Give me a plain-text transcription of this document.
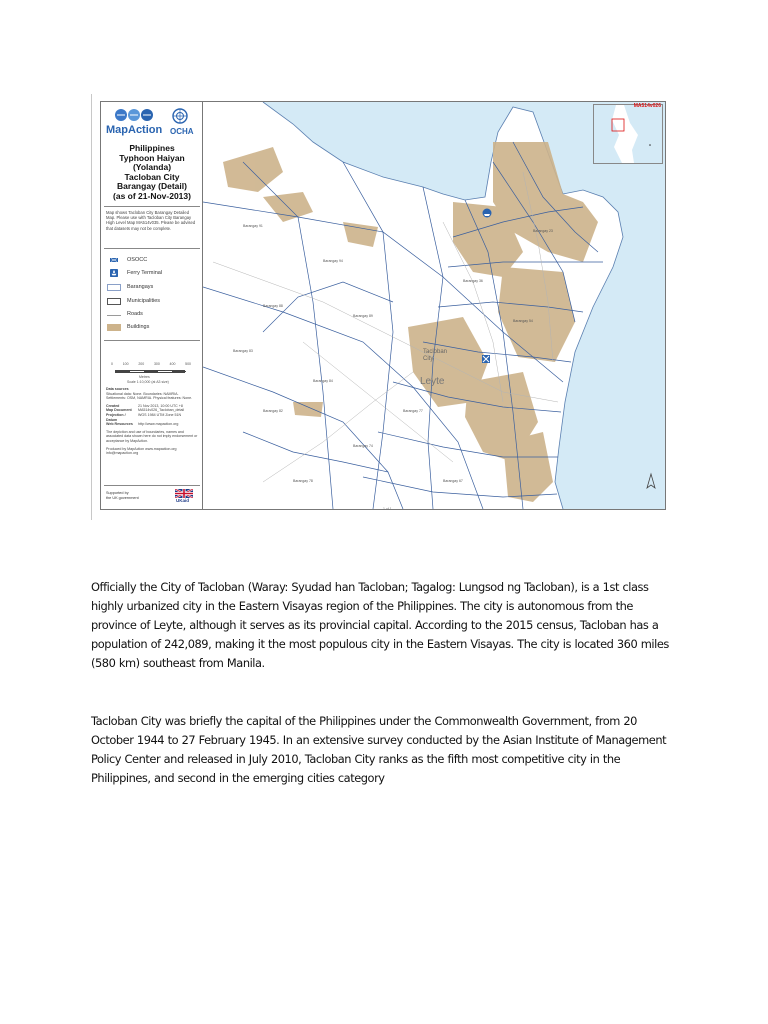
MapAction OCHA
Philippines
Typhoon Haiyan
(Yolanda)
Tacloban City
Barangay (Detail)
(as of 21-Nov-2013)
Map shows Tacloban City Barangay Detailed Map. Please use with Tacloban City Barangay High Level Map MA514v035. Please be advised that datasets may not be complete.
OSOCC
Ferry Terminal
Barangays
Municipalities
Roads
Buildings
0	100	200	300	400	500
Metres
Scale 1:10,000 (at A3 size)
Data sources
Situational data: None. Boundaries: NAMRIA. Settlements: OSM, NAMRIA. Physical features: None.
Created	21 Nov 2013, 10:00 UTC +8
Map Document	MA514v026_Tacloban_detail
Projection / Datum
WGS 1984 UTM Zone 51N
Web Resources	http://www.mapaction.org
The depiction and use of boundaries, names and associated data shown here do not imply endorsement or acceptance by MapAction.
Produced by MapAction www.mapaction.org info@mapaction.org
Supported by
the UK government
UKaid
Barangay 91
Barangay 94
Barangay 88
Barangay 89
Barangay 83
Barangay 84
Barangay 77
Barangay 82
Barangay 74
Barangay 78
Barangay 36
Barangay 54
Barangay 23
Barangay 67
Tacloban City
Leyte
MA514v026
1 of 1

Officially the City of Tacloban (Waray: Syudad han Tacloban; Tagalog: Lungsod ng Tacloban), is a 1st class highly urbanized city in the Eastern Visayas region of the Philippines. The city is autonomous from the province of Leyte, although it serves as its provincial capital. According to the 2015 census, Tacloban has a population of 242,089, making it the most populous city in the Eastern Visayas. The city is located 360 miles (580 km) southeast from Manila.

Tacloban City was briefly the capital of the Philippines under the Commonwealth Government, from 20 October 1944 to 27 February 1945. In an extensive survey conducted by the Asian Institute of Management Policy Center and released in July 2010, Tacloban City ranks as the fifth most competitive city in the Philippines, and second in the emerging cities category
